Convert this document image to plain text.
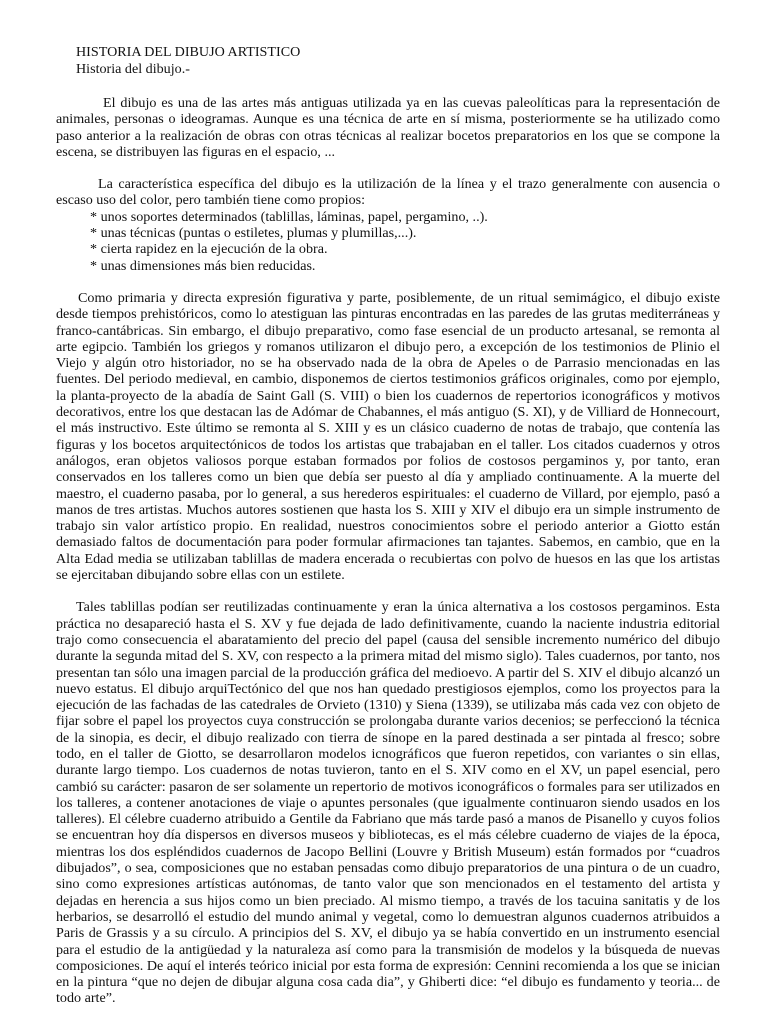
HISTORIA DEL DIBUJO ARTISTICO
Historia del dibujo.-

El dibujo es una de las artes más antiguas utilizada ya en las cuevas paleolíticas para la representación de animales, personas o ideogramas. Aunque es una técnica de arte en sí misma, posteriormente se ha utilizado como paso anterior a la realización de obras con otras técnicas al realizar bocetos preparatorios en los que se compone la escena, se distribuyen las figuras en el espacio, ...

La característica específica del dibujo es la utilización de la línea y el trazo generalmente con ausencia o escaso uso del color, pero también tiene como propios:

* unos soportes determinados (tablillas, láminas, papel, pergamino, ..).
* unas técnicas (puntas o estiletes, plumas y plumillas,...).
* cierta rapidez en la ejecución de la obra.
* unas dimensiones más bien reducidas.

Como primaria y directa expresión figurativa y parte, posiblemente, de un ritual semimágico, el dibujo existe desde tiempos prehistóricos, como lo atestiguan las pinturas encontradas en las paredes de las grutas mediterráneas y franco-cantábricas. Sin embargo, el dibujo preparativo, como fase esencial de un producto artesanal, se remonta al arte egipcio. También los griegos y romanos utilizaron el dibujo pero, a excepción de los testimonios de Plinio el Viejo y algún otro historiador, no se ha observado nada de la obra de Apeles o de Parrasio mencionadas en las fuentes. Del periodo medieval, en cambio, disponemos de ciertos testimonios gráficos originales, como por ejemplo, la planta-proyecto de la abadía de Saint Gall (S. VIII) o bien los cuadernos de repertorios iconográficos y motivos decorativos, entre los que destacan las de Adómar de Chabannes, el más antiguo (S. XI), y de Villiard de Honnecourt, el más instructivo. Este último se remonta al S. XIII y es un clásico cuaderno de notas de trabajo, que contenía las figuras y los bocetos arquitectónicos de todos los artistas que trabajaban en el taller. Los citados cuadernos y otros análogos, eran objetos valiosos porque estaban formados por folios de costosos pergaminos y, por tanto, eran conservados en los talleres como un bien que debía ser puesto al día y ampliado continuamente. A la muerte del maestro, el cuaderno pasaba, por lo general, a sus herederos espirituales: el cuaderno de Villard, por ejemplo, pasó a manos de tres artistas. Muchos autores sostienen que hasta los S. XIII y XIV el dibujo era un simple instrumento de trabajo sin valor artístico propio. En realidad, nuestros conocimientos sobre el periodo anterior a Giotto están demasiado faltos de documentación para poder formular afirmaciones tan tajantes. Sabemos, en cambio, que en la Alta Edad media se utilizaban tablillas de madera encerada o recubiertas con polvo de huesos en las que los artistas se ejercitaban dibujando sobre ellas con un estilete.

Tales tablillas podían ser reutilizadas continuamente y eran la única alternativa a los costosos pergaminos. Esta práctica no desapareció hasta el S. XV y fue dejada de lado definitivamente, cuando la naciente industria editorial trajo como consecuencia el abaratamiento del precio del papel (causa del sensible incremento numérico del dibujo durante la segunda mitad del S. XV, con respecto a la primera mitad del mismo siglo). Tales cuadernos, por tanto, nos presentan tan sólo una imagen parcial de la producción gráfica del medioevo. A partir del S. XIV el dibujo alcanzó un nuevo estatus. El dibujo arquiTectónico del que nos han quedado prestigiosos ejemplos, como los proyectos para la ejecución de las fachadas de las catedrales de Orvieto (1310) y Siena (1339), se utilizaba más cada vez con objeto de fijar sobre el papel los proyectos cuya construcción se prolongaba durante varios decenios; se perfeccionó la técnica de la sinopia, es decir, el dibujo realizado con tierra de sínope en la pared destinada a ser pintada al fresco; sobre todo, en el taller de Giotto, se desarrollaron modelos icnográficos que fueron repetidos, con variantes o sin ellas, durante largo tiempo. Los cuadernos de notas tuvieron, tanto en el S. XIV como en el XV, un papel esencial, pero cambió su carácter: pasaron de ser solamente un repertorio de motivos iconográficos o formales para ser utilizados en los talleres, a contener anotaciones de viaje o apuntes personales (que igualmente continuaron siendo usados en los talleres). El célebre cuaderno atribuido a Gentile da Fabriano que más tarde pasó a manos de Pisanello y cuyos folios se encuentran hoy día dispersos en diversos museos y bibliotecas, es el más célebre cuaderno de viajes de la época, mientras los dos espléndidos cuadernos de Jacopo Bellini (Louvre y British Museum) están formados por “cuadros dibujados”, o sea, composiciones que no estaban pensadas como dibujo preparatorios de una pintura o de un cuadro, sino como expresiones artísticas autónomas, de tanto valor que son mencionados en el testamento del artista y dejadas en herencia a sus hijos como un bien preciado. Al mismo tiempo, a través de los tacuina sanitatis y de los herbarios, se desarrolló el estudio del mundo animal y vegetal, como lo demuestran algunos cuadernos atribuidos a Paris de Grassis y a su círculo. A principios del S. XV, el dibujo ya se había convertido en un instrumento esencial para el estudio de la antigüedad y la naturaleza así como para la transmisión de modelos y la búsqueda de nuevas composiciones. De aquí el interés teórico inicial por esta forma de expresión: Cennini recomienda a los que se inician en la pintura “que no dejen de dibujar alguna cosa cada dia”, y Ghiberti dice: “el dibujo es fundamento y teoria... de todo arte”.
